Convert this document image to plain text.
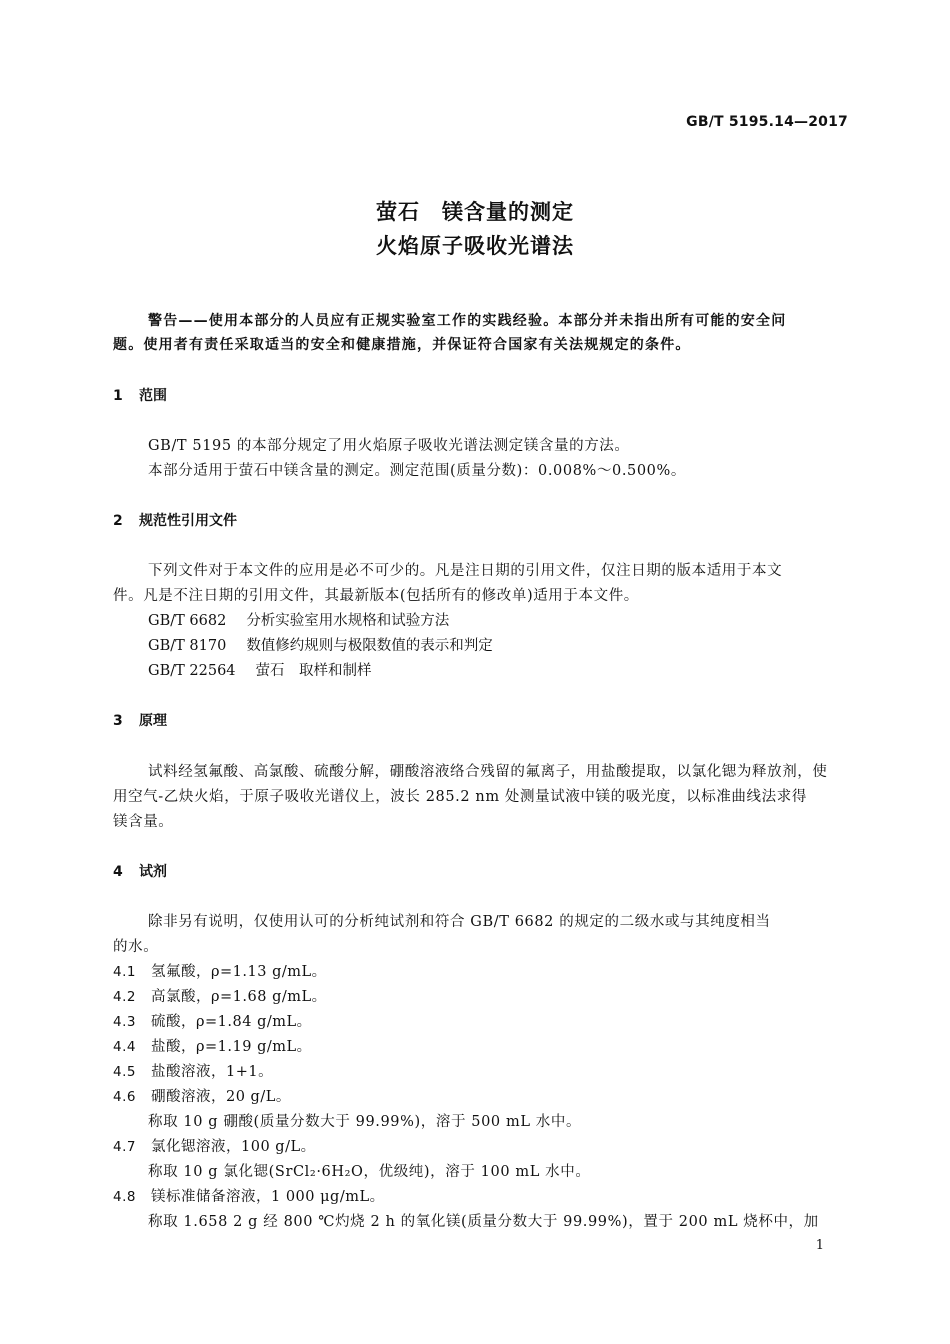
GB/T 5195.14—2017
萤石　镁含量的测定
火焰原子吸收光谱法
警告——使用本部分的人员应有正规实验室工作的实践经验。本部分并未指出所有可能的安全问
题。使用者有责任采取适当的安全和健康措施，并保证符合国家有关法规规定的条件。
1 范围
GB/T 5195 的本部分规定了用火焰原子吸收光谱法测定镁含量的方法。
本部分适用于萤石中镁含量的测定。测定范围(质量分数)：0.008%～0.500%。
2 规范性引用文件
下列文件对于本文件的应用是必不可少的。凡是注日期的引用文件，仅注日期的版本适用于本文
件。凡是不注日期的引用文件，其最新版本(包括所有的修改单)适用于本文件。
GB/T 6682 分析实验室用水规格和试验方法
GB/T 8170 数值修约规则与极限数值的表示和判定
GB/T 22564 萤石　取样和制样
3 原理
试料经氢氟酸、高氯酸、硫酸分解，硼酸溶液络合残留的氟离子，用盐酸提取，以氯化锶为释放剂，使
用空气-乙炔火焰，于原子吸收光谱仪上，波长 285.2 nm 处测量试液中镁的吸光度，以标准曲线法求得
镁含量。
4 试剂
除非另有说明，仅使用认可的分析纯试剂和符合 GB/T 6682 的规定的二级水或与其纯度相当
的水。
4.1 氢氟酸，ρ=1.13 g/mL。
4.2 高氯酸，ρ=1.68 g/mL。
4.3 硫酸，ρ=1.84 g/mL。
4.4 盐酸，ρ=1.19 g/mL。
4.5 盐酸溶液，1+1。
4.6 硼酸溶液，20 g/L。
称取 10 g 硼酸(质量分数大于 99.99%)，溶于 500 mL 水中。
4.7 氯化锶溶液，100 g/L。
称取 10 g 氯化锶(SrCl₂·6H₂O，优级纯)，溶于 100 mL 水中。
4.8 镁标准储备溶液，1 000 μg/mL。
称取 1.658 2 g 经 800 ℃灼烧 2 h 的氧化镁(质量分数大于 99.99%)，置于 200 mL 烧杯中，加
1
